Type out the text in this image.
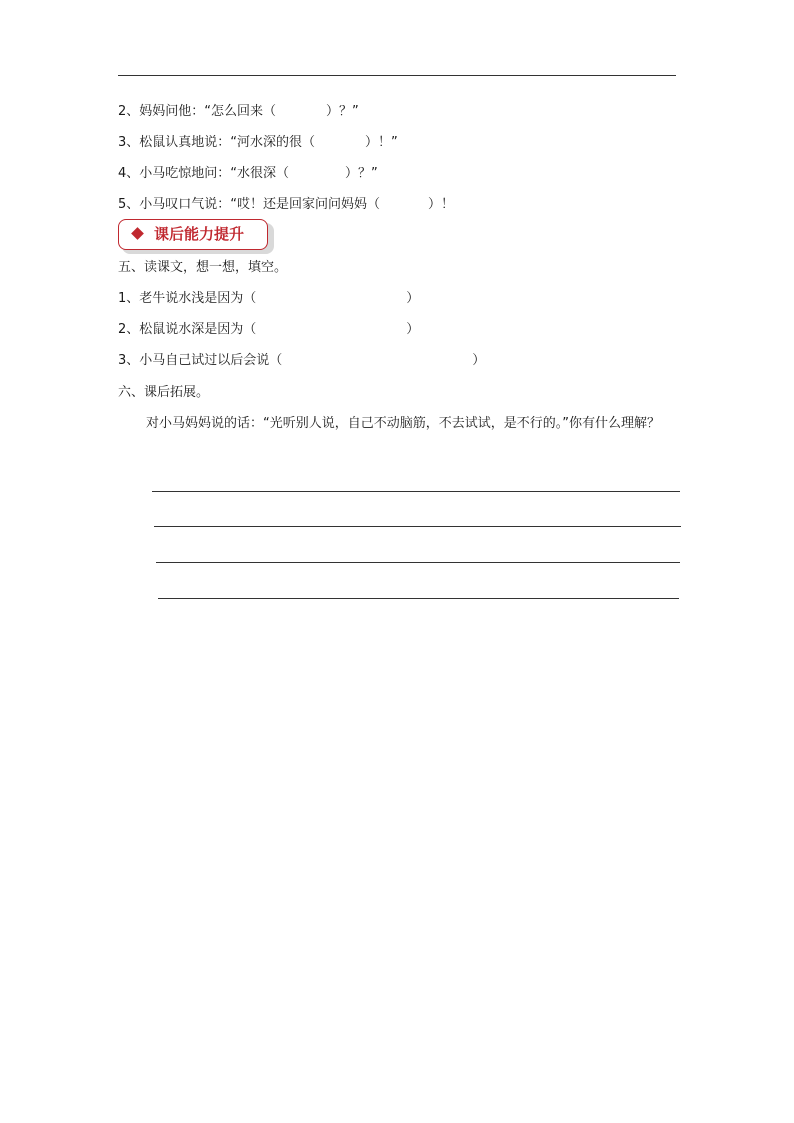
2、妈妈问他：“怎么回来（	）？”
3、松鼠认真地说：“河水深的很（	）！”
4、小马吃惊地问：“水很深（	）？”
5、小马叹口气说：“哎！还是回家问问妈妈（	）！
课后能力提升
五、读课文，想一想，填空。
1、老牛说水浅是因为（	）
2、松鼠说水深是因为（	）
3、小马自己试过以后会说（	）
六、课后拓展。
对小马妈妈说的话：“光听别人说，自己不动脑筋，不去试试，是不行的。”你有什么理解？
